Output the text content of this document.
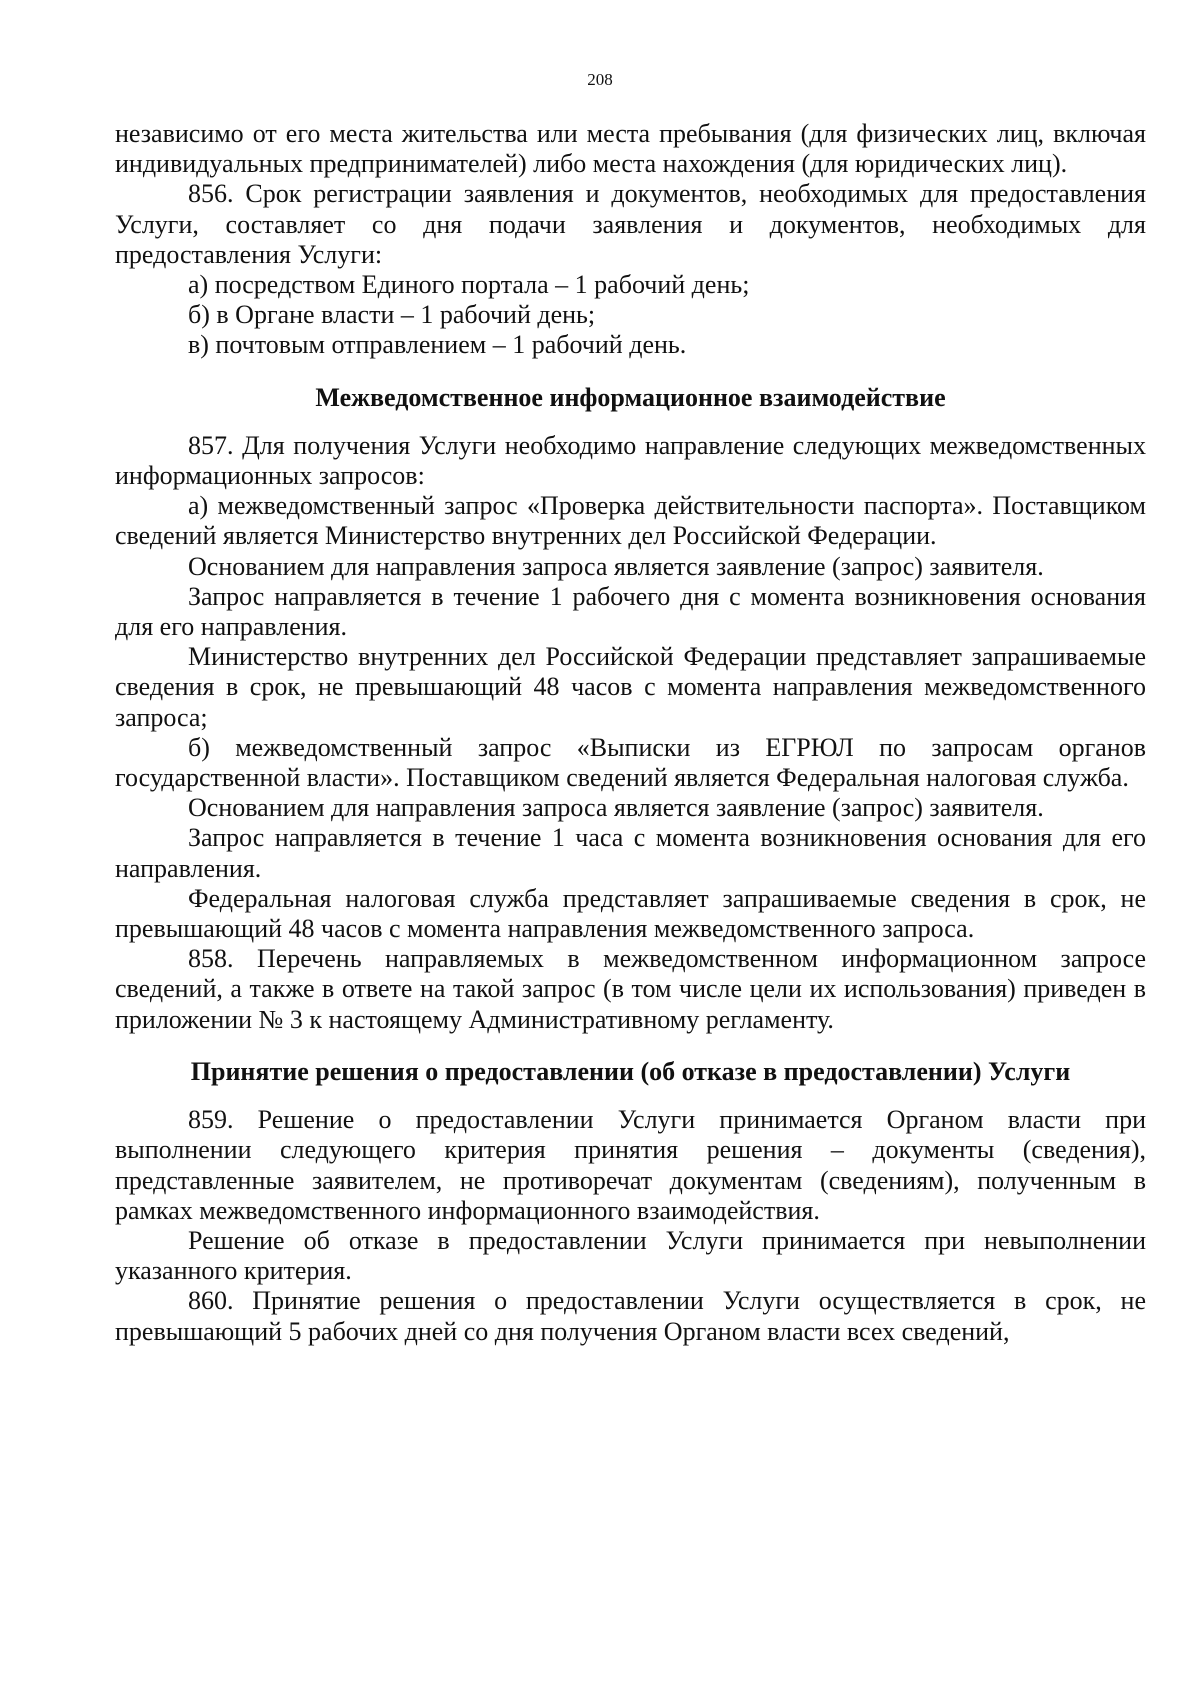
208

независимо от его места жительства или места пребывания (для физических лиц, включая индивидуальных предпринимателей) либо места нахождения (для юридических лиц).

856. Срок регистрации заявления и документов, необходимых для предоставления Услуги, составляет со дня подачи заявления и документов, необходимых для предоставления Услуги:

а) посредством Единого портала – 1 рабочий день;

б) в Органе власти – 1 рабочий день;

в) почтовым отправлением – 1 рабочий день.

Межведомственное информационное взаимодействие

857. Для получения Услуги необходимо направление следующих межведомственных информационных запросов:

а) межведомственный запрос «Проверка действительности паспорта». Поставщиком сведений является Министерство внутренних дел Российской Федерации.

Основанием для направления запроса является заявление (запрос) заявителя.

Запрос направляется в течение 1 рабочего дня с момента возникновения основания для его направления.

Министерство внутренних дел Российской Федерации представляет запрашиваемые сведения в срок, не превышающий 48 часов с момента направления межведомственного запроса;

б) межведомственный запрос «Выписки из ЕГРЮЛ по запросам органов государственной власти». Поставщиком сведений является Федеральная налоговая служба.

Основанием для направления запроса является заявление (запрос) заявителя.

Запрос направляется в течение 1 часа с момента возникновения основания для его направления.

Федеральная налоговая служба представляет запрашиваемые сведения в срок, не превышающий 48 часов с момента направления межведомственного запроса.

858. Перечень направляемых в межведомственном информационном запросе сведений, а также в ответе на такой запрос (в том числе цели их использования) приведен в приложении № 3 к настоящему Административному регламенту.

Принятие решения о предоставлении (об отказе в предоставлении) Услуги

859. Решение о предоставлении Услуги принимается Органом власти при выполнении следующего критерия принятия решения – документы (сведения), представленные заявителем, не противоречат документам (сведениям), полученным в рамках межведомственного информационного взаимодействия.

Решение об отказе в предоставлении Услуги принимается при невыполнении указанного критерия.

860. Принятие решения о предоставлении Услуги осуществляется в срок, не превышающий 5 рабочих дней со дня получения Органом власти всех сведений,
